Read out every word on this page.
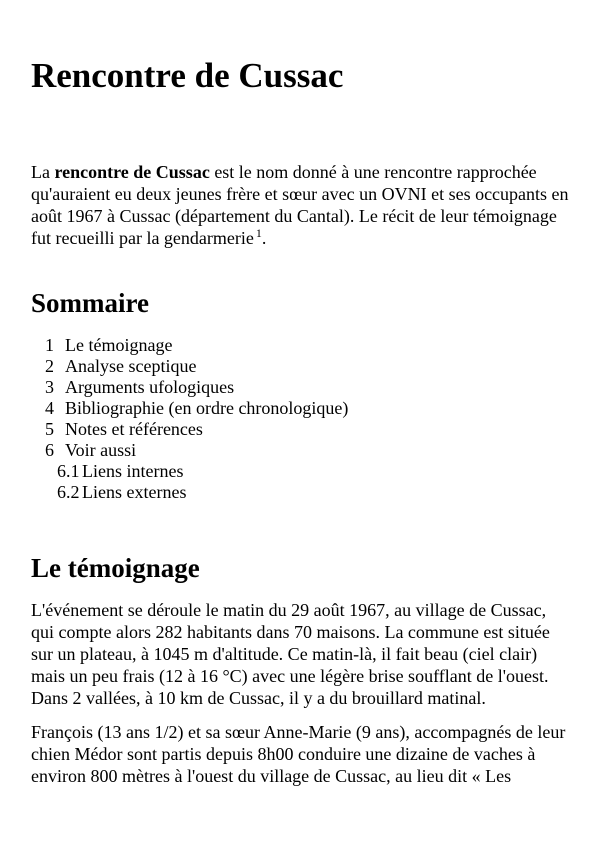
Rencontre de Cussac

La rencontre de Cussac est le nom donné à une rencontre rapprochée qu'auraient eu deux jeunes frère et sœur avec un OVNI et ses occupants en août 1967 à Cussac (département du Cantal). Le récit de leur témoignage fut recueilli par la gendarmerie $^1$.

Sommaire
1 Le témoignage
2 Analyse sceptique
3 Arguments ufologiques
4 Bibliographie (en ordre chronologique)
5 Notes et références
6 Voir aussi
6.1 Liens internes
6.2 Liens externes
Le témoignage

L'événement se déroule le matin du 29 août 1967, au village de Cussac, qui compte alors 282 habitants dans 70 maisons. La commune est située sur un plateau, à 1045 m d'altitude. Ce matin-là, il fait beau (ciel clair) mais un peu frais (12 à 16 °C) avec une légère brise soufflant de l'ouest. Dans 2 vallées, à 10 km de Cussac, il y a du brouillard matinal.

François (13 ans 1/2) et sa sœur Anne-Marie (9 ans), accompagnés de leur chien Médor sont partis depuis 8h00 conduire une dizaine de vaches à environ 800 mètres à l'ouest du village de Cussac, au lieu dit « Les
